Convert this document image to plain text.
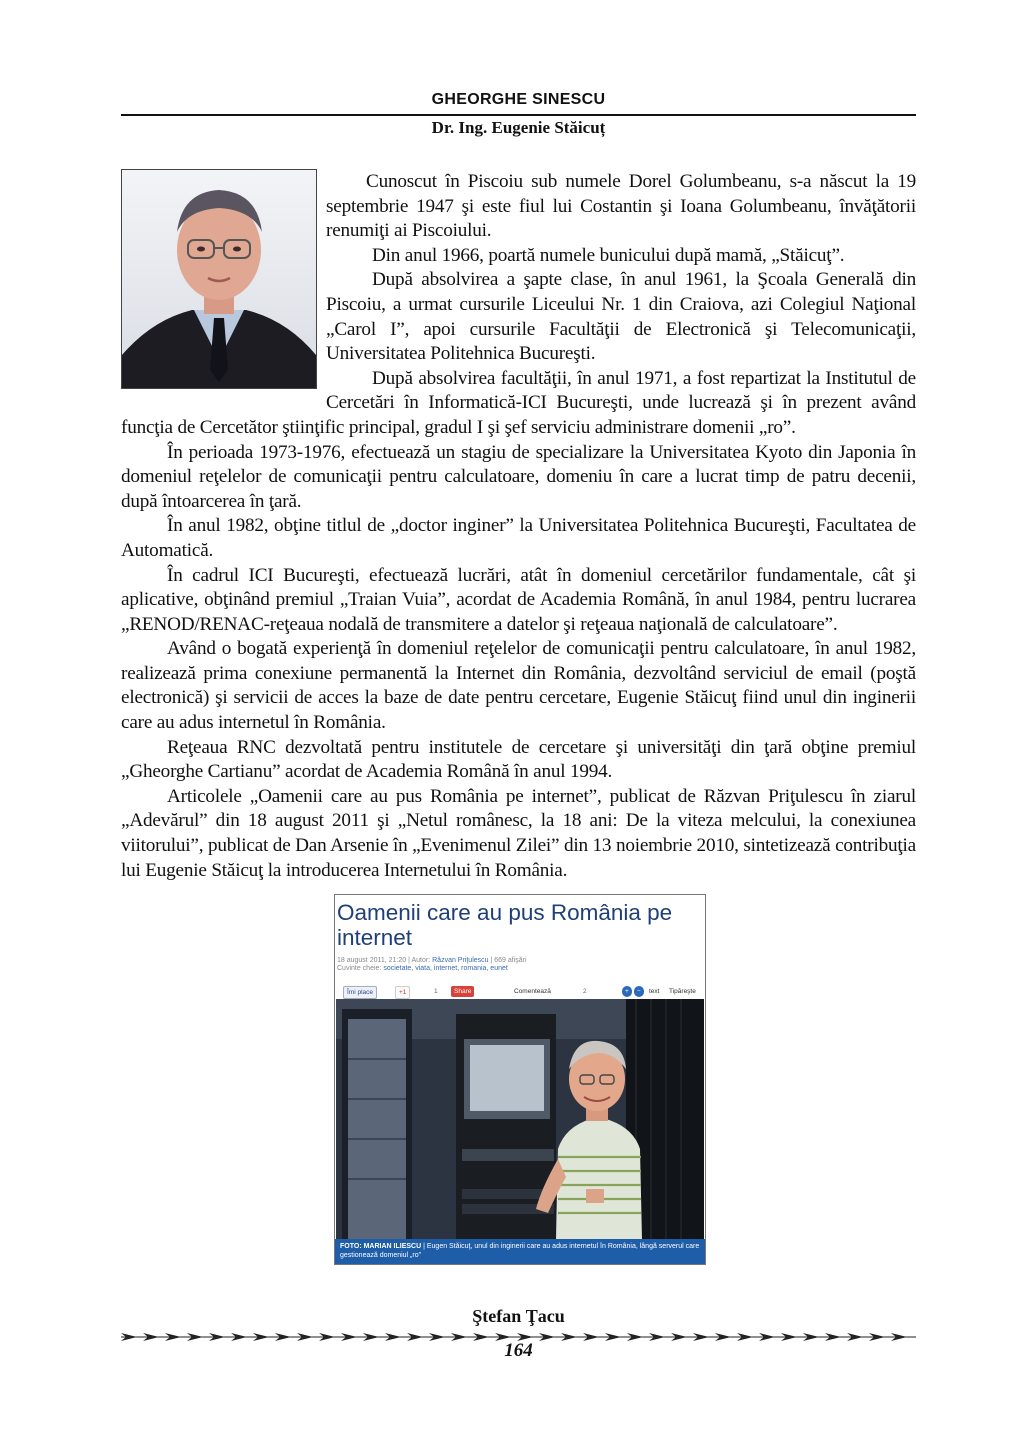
GHEORGHE SINESCU
Dr. Ing. Eugenie Stăicuț

Cunoscut în Piscoiu sub numele Dorel Golumbeanu, s-a născut la 19 septembrie 1947 şi este fiul lui Costantin şi Ioana Golumbeanu, învăţătorii renumiţi ai Piscoiului.

Din anul 1966, poartă numele bunicului după mamă, „Stăicuţ”.

După absolvirea a şapte clase, în anul 1961, la Şcoala Generală din Piscoiu, a urmat cursurile Liceului Nr. 1 din Craiova, azi Colegiul Naţional „Carol I”, apoi cursurile Facultăţii de Electronică şi Telecomunicaţii, Universitatea Politehnica Bucureşti.

După absolvirea facultăţii, în anul 1971, a fost repartizat la Institutul de Cercetări în Informatică-ICI Bucureşti, unde lucrează şi în prezent având funcţia de Cercetător ştiinţific principal, gradul I şi şef serviciu administrare domenii „ro”.

În perioada 1973-1976, efectuează un stagiu de specializare la Universitatea Kyoto din Japonia în domeniul reţelelor de comunicaţii pentru calculatoare, domeniu în care a lucrat timp de patru decenii, după întoarcerea în ţară.

În anul 1982, obţine titlul de „doctor inginer” la Universitatea Politehnica Bucureşti, Facultatea de Automatică.

În cadrul ICI Bucureşti, efectuează lucrări, atât în domeniul cercetărilor fundamentale, cât şi aplicative, obţinând premiul „Traian Vuia”, acordat de Academia Română, în anul 1984, pentru lucrarea „RENOD/RENAC-reţeaua nodală de transmitere a datelor şi reţeaua naţională de calculatoare”.

Având o bogată experienţă în domeniul reţelelor de comunicaţii pentru calculatoare, în anul 1982, realizează prima conexiune permanentă la Internet din România, dezvoltând serviciul de email (poştă electronică) şi servicii de acces la baze de date pentru cercetare, Eugenie Stăicuţ fiind unul din inginerii care au adus internetul în România.

Reţeaua RNC dezvoltată pentru institutele de cercetare şi universităţi din ţară obţine premiul „Gheorghe Cartianu” acordat de Academia Română în anul 1994.

Articolele „Oamenii care au pus România pe internet”, publicat de Răzvan Priţulescu în ziarul „Adevărul” din 18 august 2011 şi „Netul românesc, la 18 ani: De la viteza melcului, la conexiunea viitorului”, publicat de Dan Arsenie în „Evenimenul Zilei” din 13 noiembrie 2010, sintetizează contribuţia lui Eugenie Stăicuţ la introducerea Internetului în România.

Oamenii care au pus România pe
internet
18 august 2011, 21:20 | Autor: Răzvan Priţulescu | 669 afişări
Cuvinte cheie: societate, viata, internet, romania, eunet
Îmi place	+1	1	Share	Comentează	2	+	−	text	Tipăreşte
FOTO: MARIAN ILIESCU | Eugen Stăicuţ, unul din inginerii care au adus internetul în România, lângă serverul care gestionează domeniul „ro”
Ştefan Ţacu
164
